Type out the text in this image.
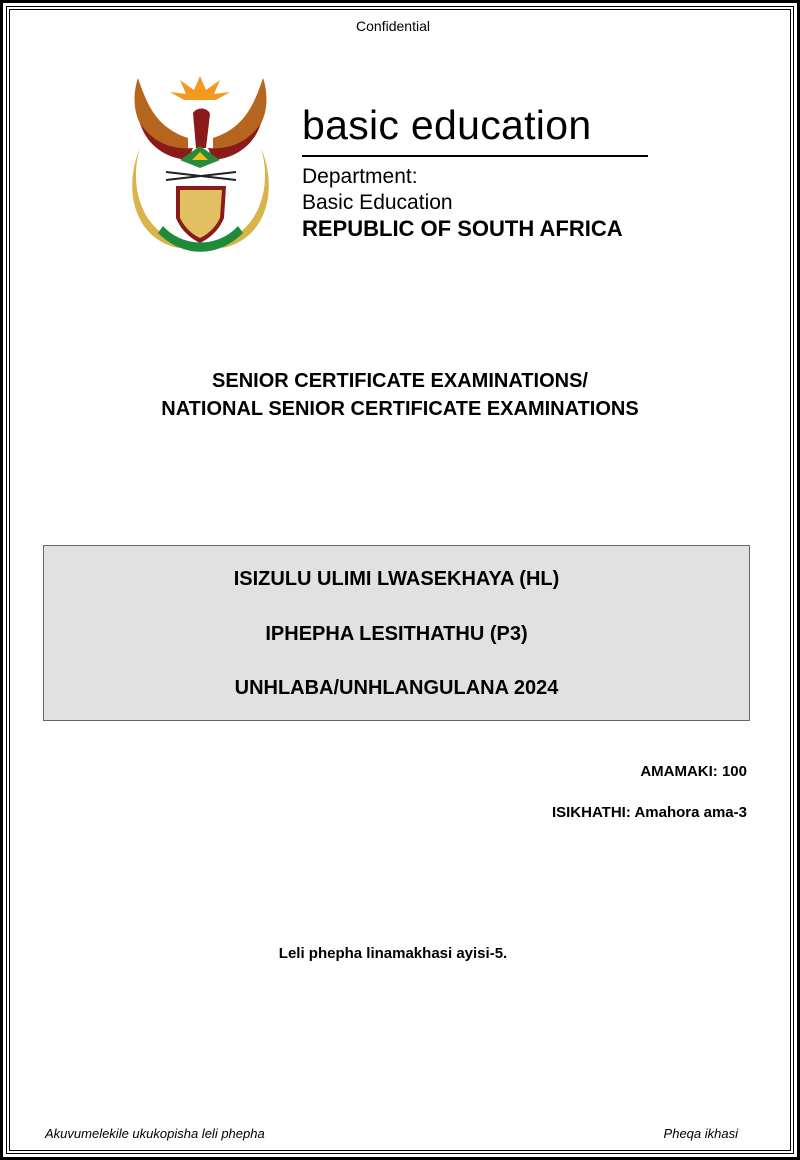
Confidential
basic education
Department:
Basic Education
REPUBLIC OF SOUTH AFRICA
SENIOR CERTIFICATE EXAMINATIONS/
NATIONAL SENIOR CERTIFICATE EXAMINATIONS
ISIZULU ULIMI LWASEKHAYA (HL)
IPHEPHA LESITHATHU (P3)
UNHLABA/UNHLANGULANA 2024
AMAMAKI: 100
ISIKHATHI: Amahora ama-3
Leli phepha linamakhasi ayisi-5.
Akuvumelekile ukukopisha leli phepha	Pheqa ikhasi
